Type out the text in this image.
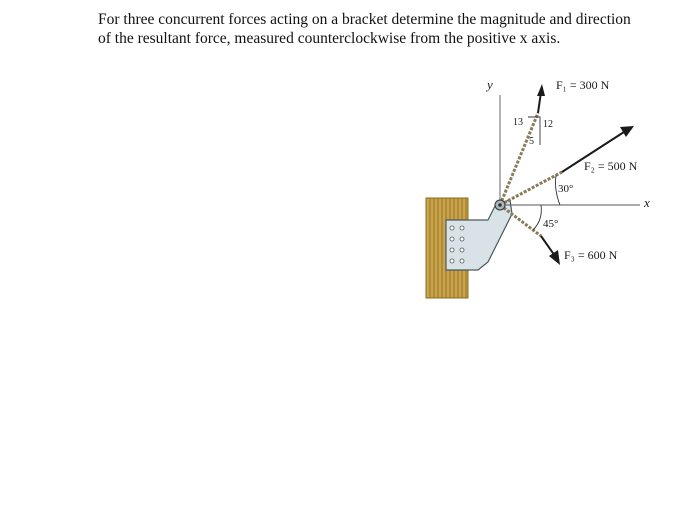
For three concurrent forces acting on a bracket determine the magnitude and direction of the resultant force, measured counterclockwise from the positive x axis.

y
x
13 12
5
30°
45°
F₁ = 300 N
F₂ = 500 N
F₃ = 600 N
